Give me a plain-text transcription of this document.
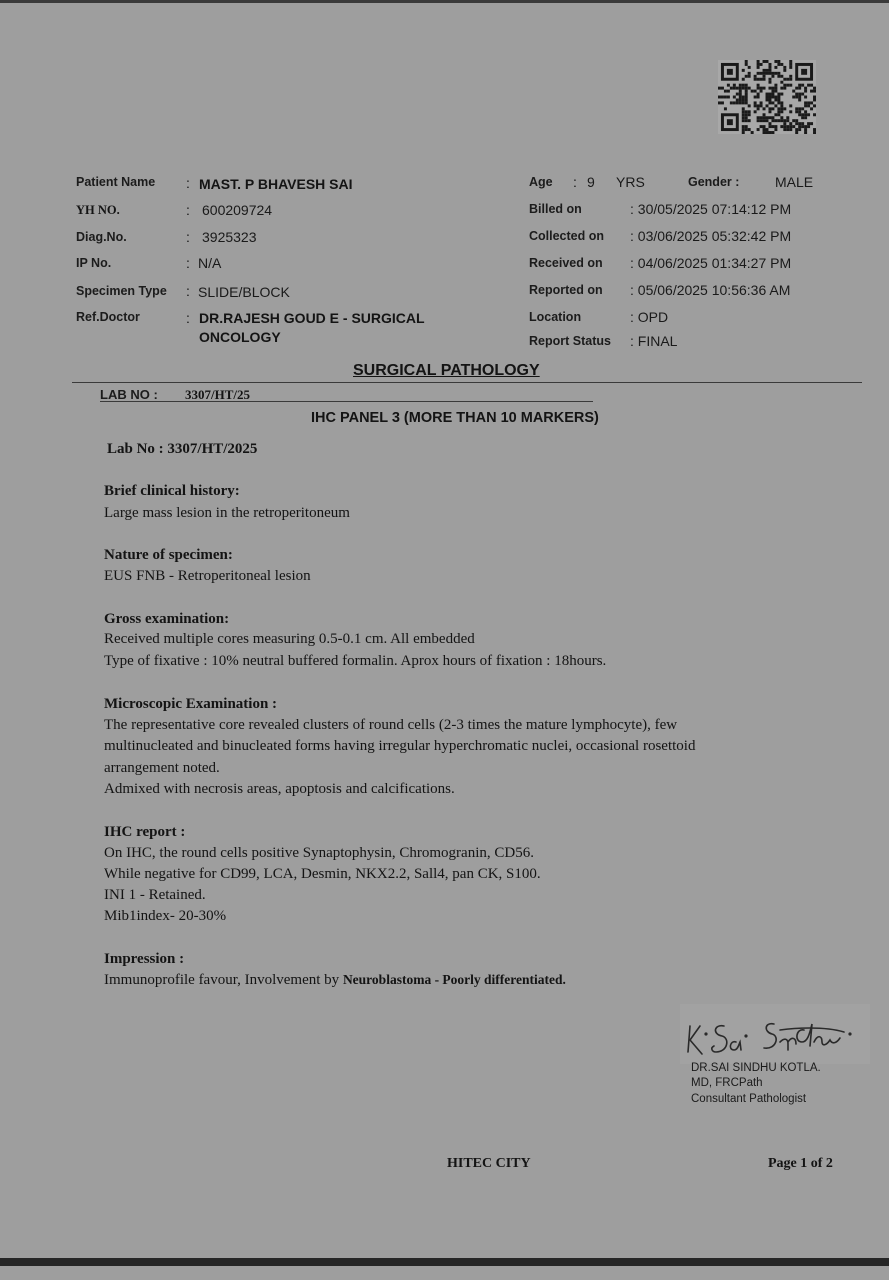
Patient Name : MAST. P BHAVESH SAI
YH NO.	: 600209724
Diag.No.	: 3925323
IP No.	: N/A
Specimen Type : SLIDE/BLOCK
Ref.Doctor	: DR.RAJESH GOUD E - SURGICAL
ONCOLOGY
Age : 9 YRS	Gender :	MALE
Billed on	: 30/05/2025 07:14:12 PM
Collected on : 03/06/2025 05:32:42 PM
Received on : 04/06/2025 01:34:27 PM
Reported on : 05/06/2025 10:56:36 AM
Location	: OPD
Report Status : FINAL
SURGICAL PATHOLOGY
LAB NO : 3307/HT/25
IHC PANEL 3 (MORE THAN 10 MARKERS)
Lab No : 3307/HT/2025
Brief clinical history:
Large mass lesion in the retroperitoneum
Nature of specimen:
EUS FNB - Retroperitoneal lesion
Gross examination:
Received multiple cores measuring 0.5-0.1 cm. All embedded
Type of fixative : 10% neutral buffered formalin. Aprox hours of fixation : 18hours.
Microscopic Examination :
The representative core revealed clusters of round cells (2-3 times the mature lymphocyte), few
multinucleated and binucleated forms having irregular hyperchromatic nuclei, occasional rosettoid
arrangement noted.
Admixed with necrosis areas, apoptosis and calcifications.
IHC report :
On IHC, the round cells positive Synaptophysin, Chromogranin, CD56.
While negative for CD99, LCA, Desmin, NKX2.2, Sall4, pan CK, S100.
INI 1 - Retained.
Mib1index- 20-30%
Impression :
Immunoprofile favour, Involvement by Neuroblastoma - Poorly differentiated.
DR.SAI SINDHU KOTLA.
MD, FRCPath
Consultant Pathologist
HITEC CITY	Page 1 of 2
